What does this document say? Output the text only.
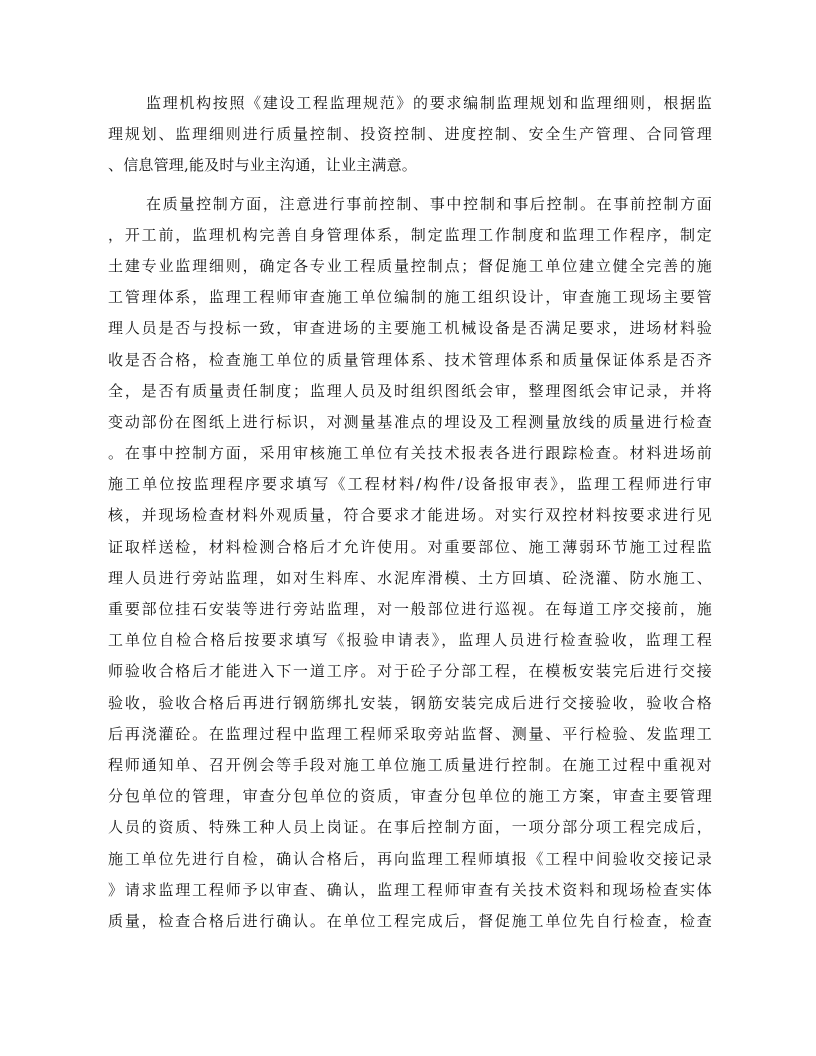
监理机构按照《建设工程监理规范》的要求编制监理规划和监理细则，根据监
理规划、监理细则进行质量控制、投资控制、进度控制、安全生产管理、合同管理
、信息管理,能及时与业主沟通，让业主满意。
在质量控制方面，注意进行事前控制、事中控制和事后控制。在事前控制方面
，开工前，监理机构完善自身管理体系，制定监理工作制度和监理工作程序，制定
土建专业监理细则，确定各专业工程质量控制点；督促施工单位建立健全完善的施
工管理体系，监理工程师审查施工单位编制的施工组织设计，审查施工现场主要管
理人员是否与投标一致，审查进场的主要施工机械设备是否满足要求，进场材料验
收是否合格，检查施工单位的质量管理体系、技术管理体系和质量保证体系是否齐
全，是否有质量责任制度；监理人员及时组织图纸会审，整理图纸会审记录，并将
变动部份在图纸上进行标识，对测量基准点的埋设及工程测量放线的质量进行检查
。在事中控制方面，采用审核施工单位有关技术报表各进行跟踪检查。材料进场前
施工单位按监理程序要求填写《工程材料/构件/设备报审表》，监理工程师进行审
核，并现场检查材料外观质量，符合要求才能进场。对实行双控材料按要求进行见
证取样送检，材料检测合格后才允许使用。对重要部位、施工薄弱环节施工过程监
理人员进行旁站监理，如对生料库、水泥库滑模、土方回填、砼浇灌、防水施工、
重要部位挂石安装等进行旁站监理，对一般部位进行巡视。在每道工序交接前，施
工单位自检合格后按要求填写《报验申请表》，监理人员进行检查验收，监理工程
师验收合格后才能进入下一道工序。对于砼子分部工程，在模板安装完后进行交接
验收，验收合格后再进行钢筋绑扎安装，钢筋安装完成后进行交接验收，验收合格
后再浇灌砼。在监理过程中监理工程师采取旁站监督、测量、平行检验、发监理工
程师通知单、召开例会等手段对施工单位施工质量进行控制。在施工过程中重视对
分包单位的管理，审查分包单位的资质，审查分包单位的施工方案，审查主要管理
人员的资质、特殊工种人员上岗证。在事后控制方面，一项分部分项工程完成后，
施工单位先进行自检，确认合格后，再向监理工程师填报《工程中间验收交接记录
》请求监理工程师予以审查、确认，监理工程师审查有关技术资料和现场检查实体
质量，检查合格后进行确认。在单位工程完成后，督促施工单位先自行检查，检查
